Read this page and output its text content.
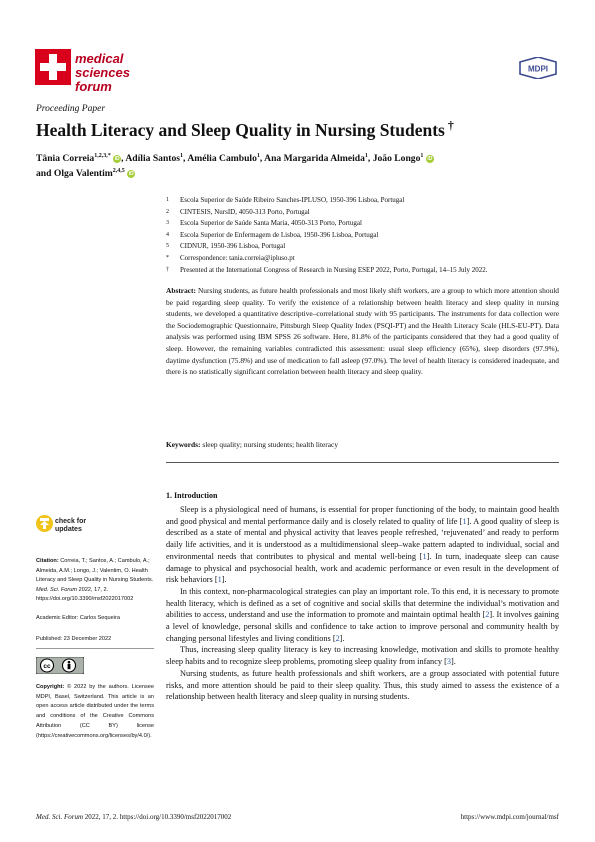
medical sciences
forum
MDPI
Proceeding Paper
Health Literacy and Sleep Quality in Nursing Students †
Tânia Correia$^{1,2,3,*}$ iD , Adília Santos$^1$, Amélia Cambulo$^1$, Ana Margarida Almeida$^1$, João Longo$^1$ iD
and Olga Valentim$^{2,4,5}$ iD
1 Escola Superior de Saúde Ribeiro Sanches-IPLUSO, 1950-396 Lisboa, Portugal
2 CINTESIS, NursID, 4050-313 Porto, Portugal
3 Escola Superior de Saúde Santa Maria, 4050-313 Porto, Portugal
4 Escola Superior de Enfermagem de Lisboa, 1950-396 Lisboa, Portugal
5 CIDNUR, 1950-396 Lisboa, Portugal
* Correspondence: tania.correia@ipluso.pt
† Presented at the International Congress of Research in Nursing ESEP 2022, Porto, Portugal, 14–15 July 2022.
Abstract: Nursing students, as future health professionals and most likely shift workers, are a group to which more attention should be paid regarding sleep quality. To verify the existence of a relationship between health literacy and sleep quality in nursing students, we developed a quantitative descriptive–correlational study with 95 participants. The instruments for data collection were the Sociodemographic Questionnaire, Pittsburgh Sleep Quality Index (PSQI-PT) and the Health Literacy Scale (HLS-EU-PT). Data analysis was performed using IBM SPSS 26 software. Here, 81.8% of the participants considered that they had a good quality of sleep. However, the remaining variables contradicted this assessment: usual sleep efficiency (65%), sleep disorders (97.9%), daytime dysfunction (75.8%) and use of medication to fall asleep (97.0%). The level of health literacy is considered inadequate, and there is no statistically significant correlation between health literacy and sleep quality.
Keywords: sleep quality; nursing students; health literacy
1. Introduction

Sleep is a physiological need of humans, is essential for proper functioning of the body, to maintain good health and good physical and mental performance daily and is closely related to quality of life [1]. A good quality of sleep is described as a state of mental and physical activity that leaves people refreshed, ‘rejuvenated’ and ready to perform daily life activities, and it is understood as a multidimensional sleep–wake pattern adapted to individual, social and environmental needs that contributes to physical and mental well-being [1]. In turn, inadequate sleep can cause damage to physical and psychosocial health, work and academic performance or even result in the development of risk behaviors [1].

In this context, non-pharmacological strategies can play an important role. To this end, it is necessary to promote health literacy, which is defined as a set of cognitive and social skills that determine the individual’s motivation and abilities to access, understand and use the information to promote and maintain optimal health [2]. It involves gaining a level of knowledge, personal skills and confidence to take action to improve personal and community health by changing personal lifestyles and living conditions [2].

Thus, increasing sleep quality literacy is key to increasing knowledge, motivation and skills to promote healthy sleep habits and to recognize sleep problems, promoting sleep quality from infancy [3].

Nursing students, as future health professionals and shift workers, are a group associated with potential future risks, and more attention should be paid to their sleep quality. Thus, this study aimed to assess the existence of a relationship between health literacy and sleep quality in nursing students.

check for
updates
Citation: Correia, T.; Santos, A.; Cambulo, A.; Almeida, A.M.; Longo, J.; Valentim, O. Health Literacy and Sleep Quality in Nursing Students. Med. Sci. Forum 2022, 17, 2. https://doi.org/10.3390/msf2022017002
Academic Editor: Carlos Sequeira
Published: 23 December 2022
cc
Copyright: © 2022 by the authors. Licensee MDPI, Basel, Switzerland. This article is an open access article distributed under the terms and conditions of the Creative Commons Attribution (CC BY) license (https://creativecommons.org/licenses/by/4.0/).
Med. Sci. Forum 2022, 17, 2. https://doi.org/10.3390/msf2022017002	https://www.mdpi.com/journal/msf
